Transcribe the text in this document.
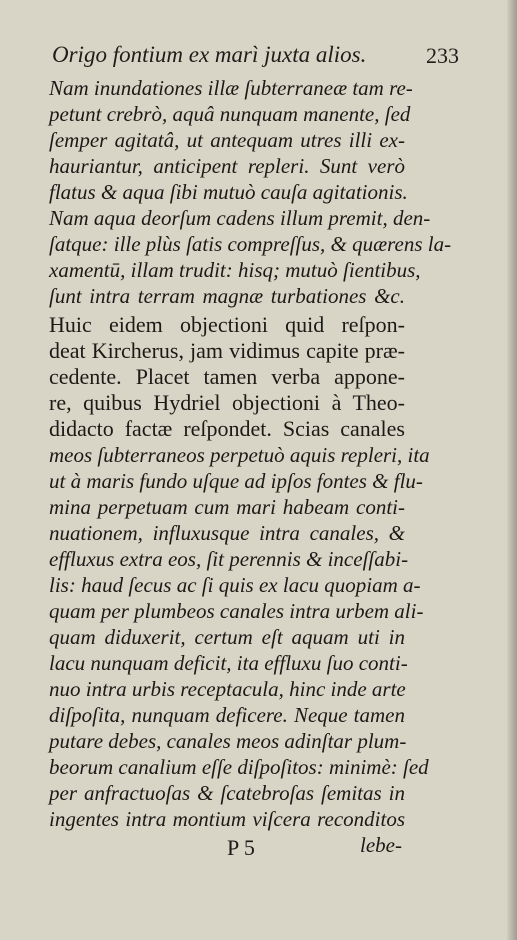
Origo fontium ex marì juxta alios.	233
Nam inundationes illæ ſubterraneæ tam re-
petunt crebrò, aquâ nunquam manente, ſed
ſemper agitatâ, ut antequam utres illi ex-
hauriantur, anticipent repleri. Sunt verò
flatus & aqua ſibi mutuò cauſa agitationis.
Nam aqua deorſum cadens illum premit, den-
ſatque: ille plùs ſatis compreſſus, & quærens la-
xamentū, illam trudit: hisq; mutuò ſientibus,
ſunt intra terram magnæ turbationes &c.
Huic eidem objectioni quid reſpon-
deat Kircherus, jam vidimus capite præ-
cedente. Placet tamen verba appone-
re, quibus Hydriel objectioni à Theo-
didacto factæ reſpondet. Scias canales
meos ſubterraneos perpetuò aquis repleri, ita
ut à maris fundo uſque ad ipſos fontes & flu-
mina perpetuam cum mari habeam conti-
nuationem, influxusque intra canales, &
effluxus extra eos, ſit perennis & inceſſabi-
lis: haud ſecus ac ſi quis ex lacu quopiam a-
quam per plumbeos canales intra urbem ali-
quam diduxerit, certum eſt aquam uti in
lacu nunquam deficit, ita effluxu ſuo conti-
nuo intra urbis receptacula, hinc inde arte
diſpoſita, nunquam deficere. Neque tamen
putare debes, canales meos adinſtar plum-
beorum canalium eſſe diſpoſitos: minimè: ſed
per anfractuoſas & ſcatebroſas ſemitas in
ingentes intra montium viſcera reconditos
P 5	lebe-
